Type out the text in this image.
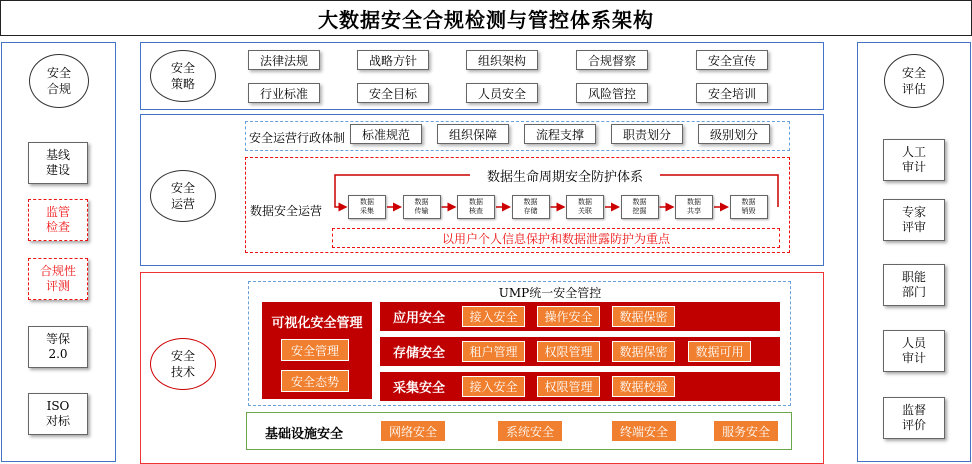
大数据安全合规检测与管控体系架构
安全
合规
基线
建设
监管
检查
合规性
评测
等保
2.0
ISO
对标
安全
评估
人工
审计
专家
评审
职能
部门
人员
审计
监督
评价
安全
策略
法律法规	战略方针	组织架构	合规督察	安全宣传
行业标准	安全目标	人员安全	风险管控	安全培训
安全
运营
安全运营行政体制	标准规范	组织保障	流程支撑	职责划分	级别划分
数据安全运营
数据生命周期安全防护体系
数据
采集
数据
传输
数据
核查
数据
存储
数据
关联
数据
挖掘
数据
共享
数据
销毁
以用户个人信息保护和数据泄露防护为重点
安全
技术
UMP统一安全管控
可视化安全管理
安全管理
安全态势
应用安全	接入安全	操作安全	数据保密
存储安全	租户管理	权限管理	数据保密	数据可用
采集安全	接入安全	权限管理	数据校验
基础设施安全	网络安全	系统安全	终端安全	服务安全
